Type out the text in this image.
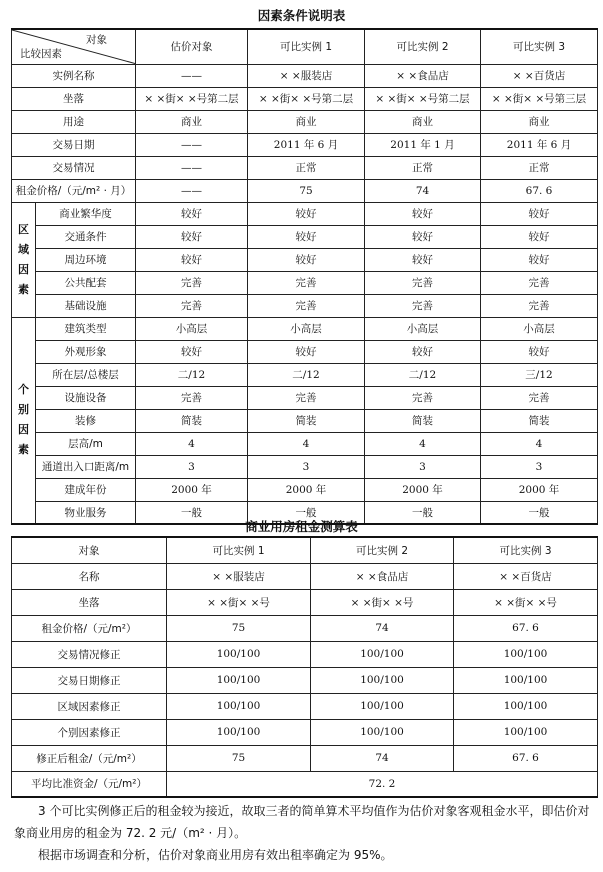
因素条件说明表
对象
比较因素		估价对象	可比实例 1	可比实例 2	可比实例 3
实例名称		——	× ×服装店	× ×食品店	× ×百货店
坐落		× ×街× ×号第二层	× ×街× ×号第二层	× ×街× ×号第二层	× ×街× ×号第三层
用途		商业	商业	商业	商业
交易日期		——	2011 年 6 月	2011 年 1 月	2011 年 6 月
交易情况		——	正常	正常	正常
租金价格/（元/m² · 月）		——	75	74	67. 6

区
域
因
素	商业繁华度	较好	较好	较好	较好
	交通条件	较好	较好	较好	较好
	周边环境	较好	较好	较好	较好
	公共配套	完善	完善	完善	完善
	基础设施	完善	完善	完善	完善

个
别
因
素	建筑类型	小高层	小高层	小高层	小高层
	外观形象	较好	较好	较好	较好
	所在层/总楼层	二/12	二/12	二/12	三/12
	设施设备	完善	完善	完善	完善
	装修	简装	简装	简装	简装
	层高/m	4	4	4	4
	通道出入口距离/m	3	3	3	3
	建成年份	2000 年	2000 年	2000 年	2000 年
	物业服务	一般	一般	一般	一般
商业用房租金测算表
对象	可比实例 1	可比实例 2	可比实例 3
名称	× ×服装店	× ×食品店	× ×百货店
坐落	× ×街× ×号	× ×街× ×号	× ×街× ×号
租金价格/（元/m²）	75	74	67. 6
交易情况修正	100/100	100/100	100/100
交易日期修正	100/100	100/100	100/100
区域因素修正	100/100	100/100	100/100
个别因素修正	100/100	100/100	100/100
修正后租金/（元/m²）	75	74	67. 6
平均比准资金/（元/m²）	72. 2		

3 个可比实例修正后的租金较为接近，故取三者的简单算术平均值作为估价对象客观租金水平，即估价对象商业用房的租金为 72. 2 元/（m² · 月）。

根据市场调查和分析，估价对象商业用房有效出租率确定为 95%。
